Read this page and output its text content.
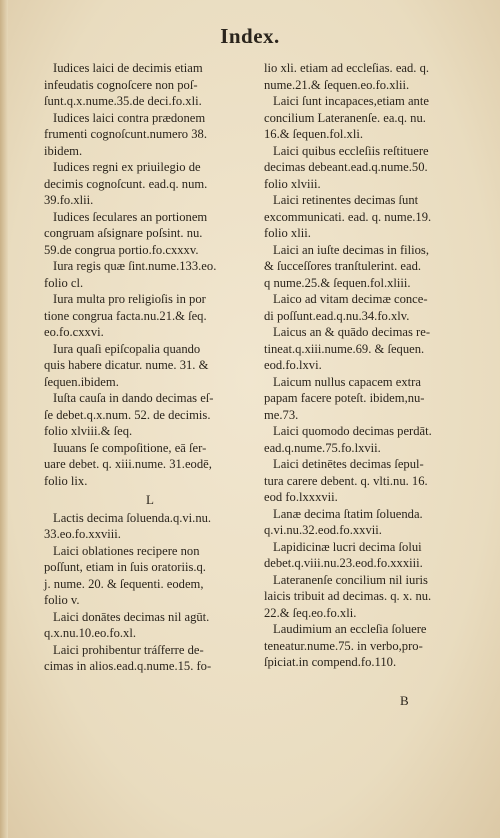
Index.

Iudices laici de decimis etiam
infeudatis cognoſcere non poſ-
ſunt.q.x.nume.35.de deci.fo.xli.

Iudices laici contra prædonem
frumenti cognoſcunt.numero 38.
ibidem.

Iudices regni ex priuilegio de
decimis cognoſcunt. ead.q. num.
39.fo.xlii.

Iudices ſeculares an portionem
congruam aſsignare poſsint. nu.
59.de congrua portio.fo.cxxxv.

Iura regis quæ ſint.nume.133.eo.
folio cl.

Iura multa pro religioſis in por
tione congrua facta.nu.21.& ſeq.
eo.fo.cxxvi.

Iura quaſi epiſcopalia quando
quis habere dicatur. nume. 31. &
ſequen.ibidem.

Iuſta cauſa in dando decimas eſ-
ſe debet.q.x.num. 52. de decimis.
folio xlviii.& ſeq.

Iuuans ſe compoſitione, eā ſer-
uare debet. q. xiii.nume. 31.eodē,
folio lix.

L

Lactis decima ſoluenda.q.vi.nu.
33.eo.fo.xxviii.

Laici oblationes recipere non
poſſunt, etiam in ſuis oratoriis.q.
j. nume. 20. & ſequenti. eodem,
folio v.

Laici donātes decimas nil agūt.
q.x.nu.10.eo.fo.xl.

Laici prohibentur tráſferre de-
cimas in alios.ead.q.nume.15. fo-

lio xli. etiam ad eccleſias. ead. q.
nume.21.& ſequen.eo.fo.xlii.

Laici ſunt incapaces,etiam ante
concilium Lateranenſe. ea.q. nu.
16.& ſequen.fol.xli.

Laici quibus eccleſiis reſtituere
decimas debeant.ead.q.nume.50.
folio xlviii.

Laici retinentes decimas ſunt
excommunicati. ead. q. nume.19.
folio xlii.

Laici an iuſte decimas in filios,
& ſucceſſores tranſtulerint. ead.
q nume.25.& ſequen.fol.xliii.

Laico ad vitam decimæ conce-
di poſſunt.ead.q.nu.34.fo.xlv.

Laicus an & quādo decimas re-
tineat.q.xiii.nume.69. & ſequen.
eod.fo.lxvi.

Laicum nullus capacem extra
papam facere poteſt. ibidem,nu-
me.73.

Laici quomodo decimas perdāt.
ead.q.nume.75.fo.lxvii.

Laici detinētes decimas ſepul-
tura carere debent. q. vlti.nu. 16.
eod fo.lxxxvii.

Lanæ decima ſtatim ſoluenda.
q.vi.nu.32.eod.fo.xxvii.

Lapidicinæ lucri decima ſolui
debet.q.viii.nu.23.eod.fo.xxxiii.

Lateranenſe concilium nil iuris
laicis tribuit ad decimas. q. x. nu.
22.& ſeq.eo.fo.xli.

Laudimium an eccleſia ſoluere
teneatur.nume.75. in verbo,pro-
ſpiciat.in compend.fo.110.

B
